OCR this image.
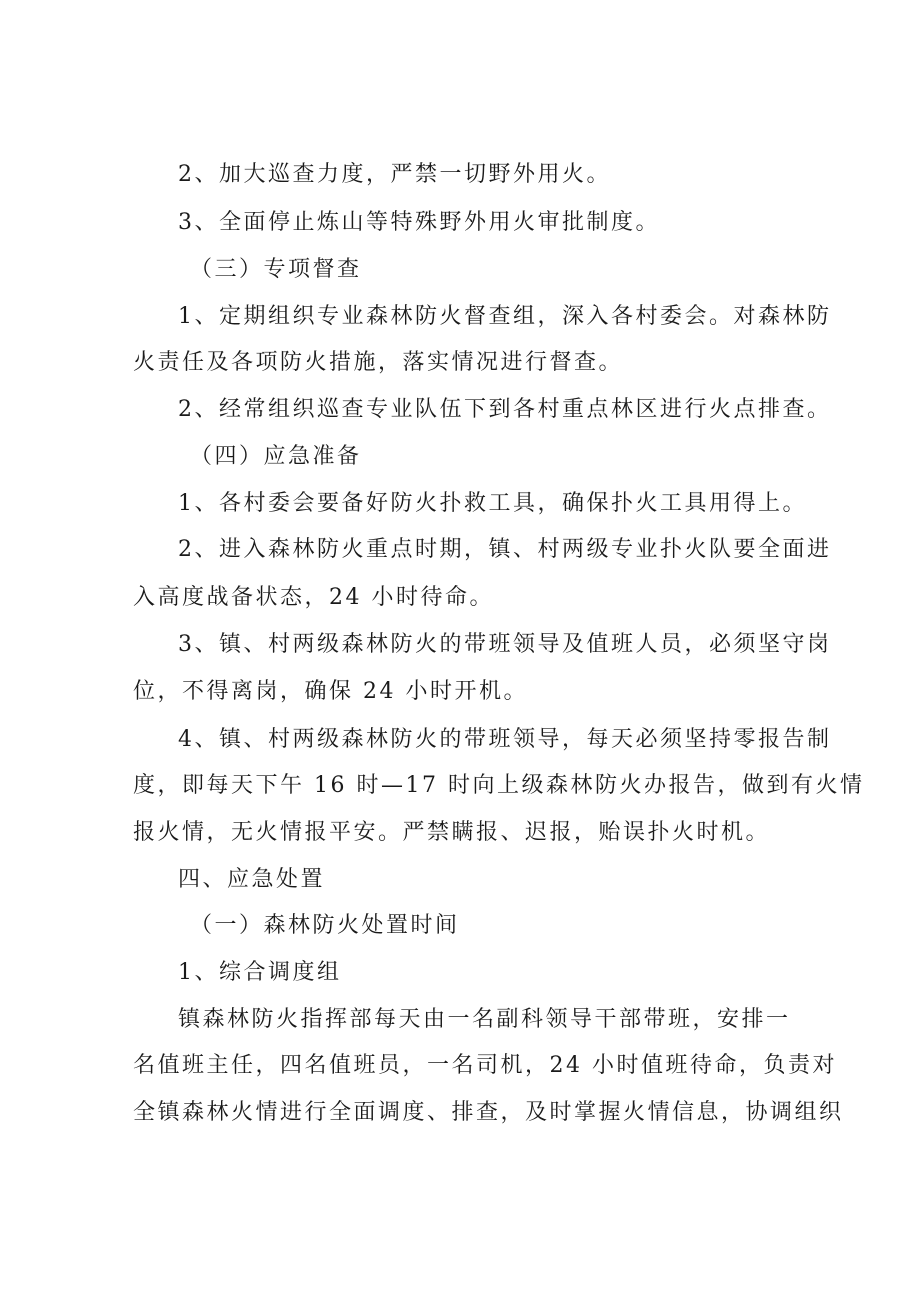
2、加大巡查力度，严禁一切野外用火。
3、全面停止炼山等特殊野外用火审批制度。
（三）专项督查
1、定期组织专业森林防火督查组，深入各村委会。对森林防
火责任及各项防火措施，落实情况进行督查。
2、经常组织巡查专业队伍下到各村重点林区进行火点排查。
（四）应急准备
1、各村委会要备好防火扑救工具，确保扑火工具用得上。
2、进入森林防火重点时期，镇、村两级专业扑火队要全面进
入高度战备状态，24 小时待命。
3、镇、村两级森林防火的带班领导及值班人员，必须坚守岗
位，不得离岗，确保 24 小时开机。
4、镇、村两级森林防火的带班领导，每天必须坚持零报告制
度，即每天下午 16 时—17 时向上级森林防火办报告，做到有火情
报火情，无火情报平安。严禁瞒报、迟报，贻误扑火时机。
四、应急处置
（一）森林防火处置时间
1、综合调度组
镇森林防火指挥部每天由一名副科领导干部带班，安排一
名值班主任，四名值班员，一名司机，24 小时值班待命，负责对
全镇森林火情进行全面调度、排查，及时掌握火情信息，协调组织
